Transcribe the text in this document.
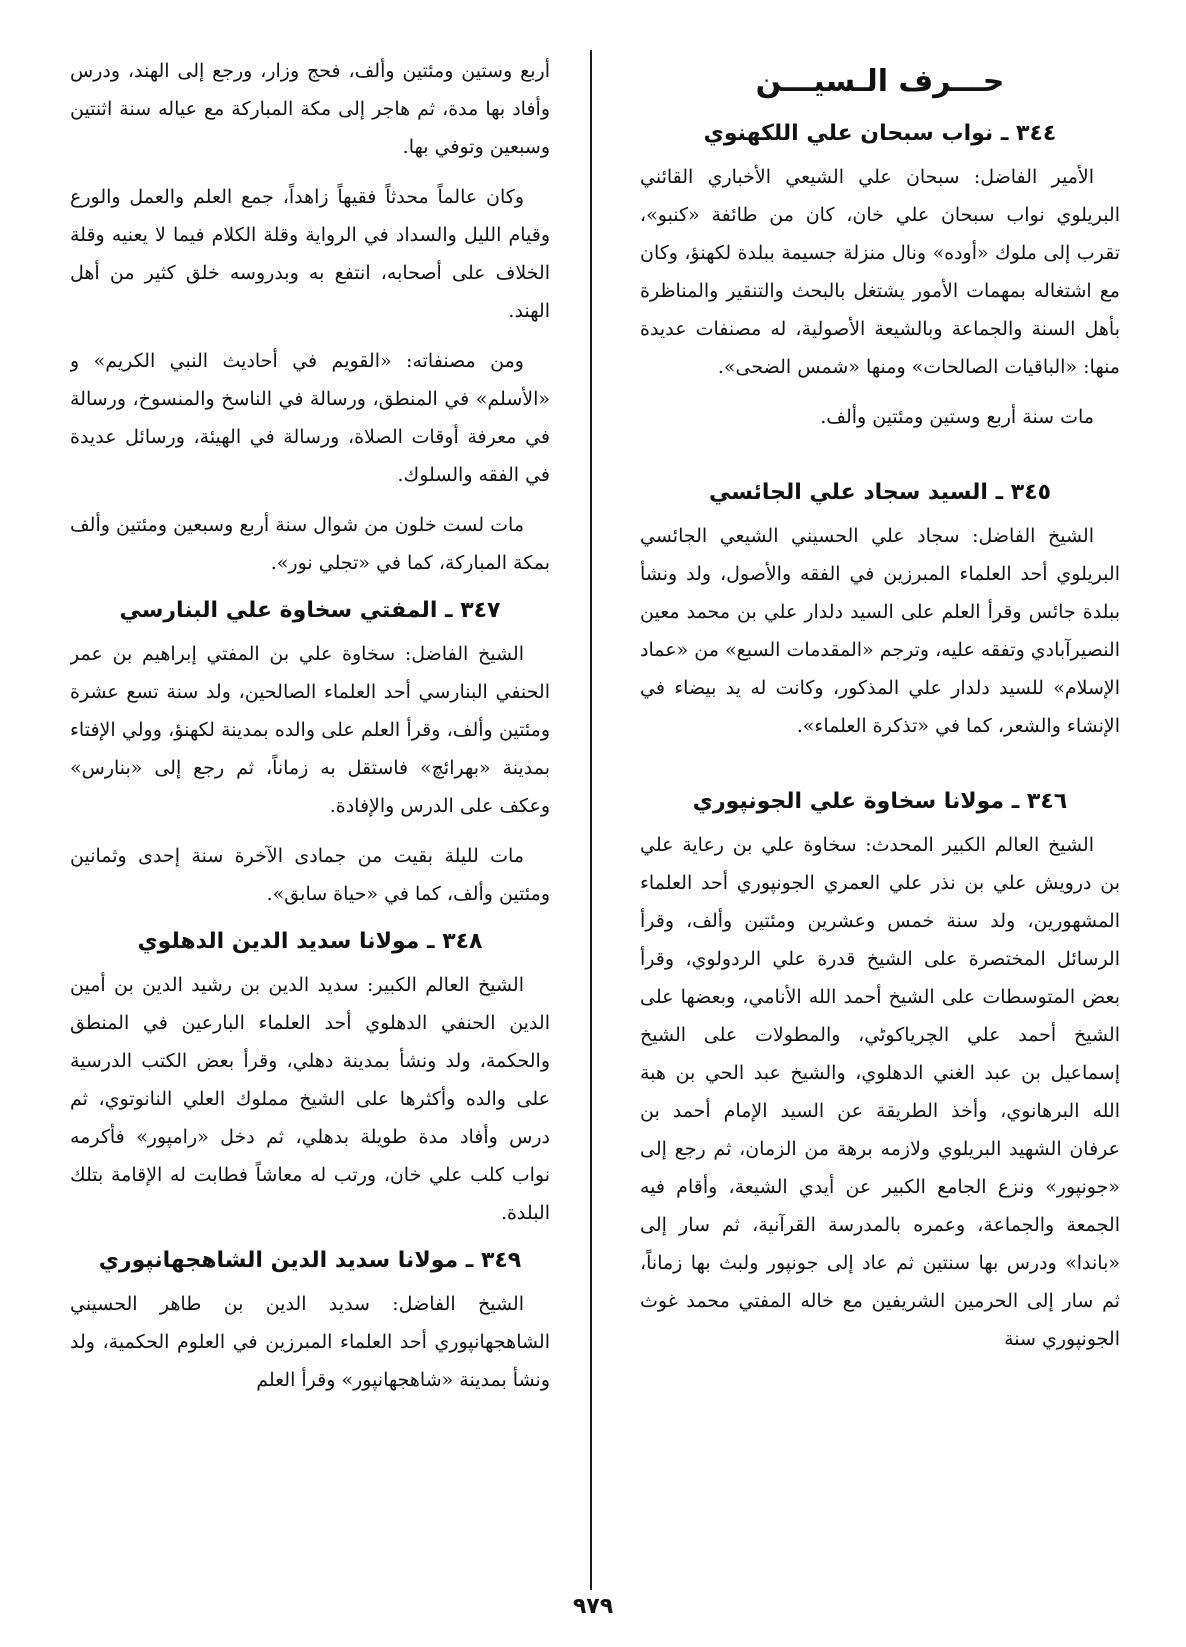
حـــرف الـسيـــن
٣٤٤ ـ نواب سبحان علي اللكهنوي

الأمير الفاضل: سبحان علي الشيعي الأخباري القائني البريلوي نواب سبحان علي خان، كان من طائفة «كنبو»، تقرب إلى ملوك «أوده» ونال منزلة جسيمة ببلدة لكهنؤ، وكان مع اشتغاله بمهمات الأمور يشتغل بالبحث والتنقير والمناظرة بأهل السنة والجماعة وبالشيعة الأصولية، له مصنفات عديدة منها: «الباقيات الصالحات» ومنها «شمس الضحى».

مات سنة أربع وستين ومئتين وألف.

٣٤٥ ـ السيد سجاد علي الجائسي

الشيخ الفاضل: سجاد علي الحسيني الشيعي الجائسي البريلوي أحد العلماء المبرزين في الفقه والأصول، ولد ونشأ ببلدة جائس وقرأ العلم على السيد دلدار علي بن محمد معين النصيرآبادي وتفقه عليه، وترجم «المقدمات السبع» من «عماد الإسلام» للسيد دلدار علي المذكور، وكانت له يد بيضاء في الإنشاء والشعر، كما في «تذكرة العلماء».

٣٤٦ ـ مولانا سخاوة علي الجونپوري

الشيخ العالم الكبير المحدث: سخاوة علي بن رعاية علي بن درويش علي بن نذر علي العمري الجونپوري أحد العلماء المشهورين، ولد سنة خمس وعشرين ومئتين وألف، وقرأ الرسائل المختصرة على الشيخ قدرة علي الردولوي، وقرأ بعض المتوسطات على الشيخ أحمد الله الأنامي، وبعضها على الشيخ أحمد علي الچرياكوٹي، والمطولات على الشيخ إسماعيل بن عبد الغني الدهلوي، والشيخ عبد الحي بن هبة الله البرهانوي، وأخذ الطريقة عن السيد الإمام أحمد بن عرفان الشهيد البريلوي ولازمه برهة من الزمان، ثم رجع إلى «جونپور» ونزع الجامع الكبير عن أيدي الشيعة، وأقام فيه الجمعة والجماعة، وعمره بالمدرسة القرآنية، ثم سار إلى «باندا» ودرس بها سنتين ثم عاد إلى جونپور ولبث بها زماناً، ثم سار إلى الحرمين الشريفين مع خاله المفتي محمد غوث الجونپوري سنة

أربع وستين ومئتين وألف، فحج وزار، ورجع إلى الهند، ودرس وأفاد بها مدة، ثم هاجر إلى مكة المباركة مع عياله سنة اثنتين وسبعين وتوفي بها.

وكان عالماً محدثاً فقيهاً زاهداً، جمع العلم والعمل والورع وقيام الليل والسداد في الرواية وقلة الكلام فيما لا يعنيه وقلة الخلاف على أصحابه، انتفع به وبدروسه خلق كثير من أهل الهند.

ومن مصنفاته: «القويم في أحاديث النبي الكريم» و «الأسلم» في المنطق، ورسالة في الناسخ والمنسوخ، ورسالة في معرفة أوقات الصلاة، ورسالة في الهيئة، ورسائل عديدة في الفقه والسلوك.

مات لست خلون من شوال سنة أربع وسبعين ومئتين وألف بمكة المباركة، كما في «تجلي نور».

٣٤٧ ـ المفتي سخاوة علي البنارسي

الشيخ الفاضل: سخاوة علي بن المفتي إبراهيم بن عمر الحنفي البنارسي أحد العلماء الصالحين، ولد سنة تسع عشرة ومئتين وألف، وقرأ العلم على والده بمدينة لكهنؤ، وولي الإفتاء بمدينة «بهرائچ» فاستقل به زماناً، ثم رجع إلى «بنارس» وعكف على الدرس والإفادة.

مات لليلة بقيت من جمادى الآخرة سنة إحدى وثمانين ومئتين وألف، كما في «حياة سابق».

٣٤٨ ـ مولانا سديد الدين الدهلوي

الشيخ العالم الكبير: سديد الدين بن رشيد الدين بن أمين الدين الحنفي الدهلوي أحد العلماء البارعين في المنطق والحكمة، ولد ونشأ بمدينة دهلي، وقرأ بعض الكتب الدرسية على والده وأكثرها على الشيخ مملوك العلي النانوتوي، ثم درس وأفاد مدة طويلة بدهلي، ثم دخل «رامپور» فأكرمه نواب كلب علي خان، ورتب له معاشاً فطابت له الإقامة بتلك البلدة.

٣٤٩ ـ مولانا سديد الدين الشاهجهانپوري

الشيخ الفاضل: سديد الدين بن طاهر الحسيني الشاهجهانپوري أحد العلماء المبرزين في العلوم الحكمية، ولد ونشأ بمدينة «شاهجهانپور» وقرأ العلم

٩٧٩
